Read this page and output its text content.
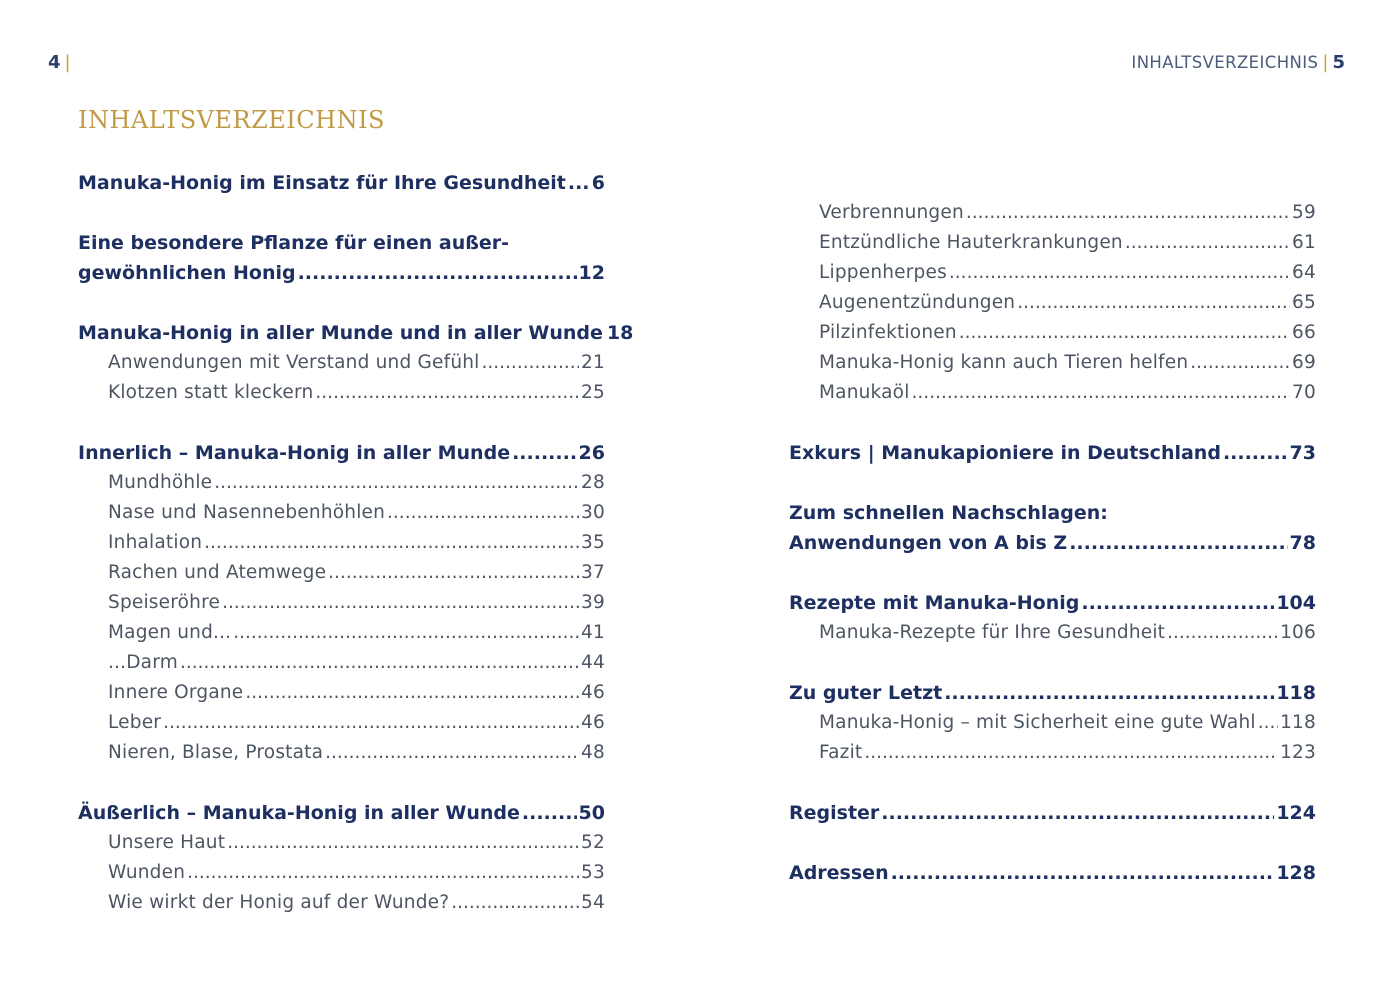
4 |	INHALTSVERZEICHNIS | 5
INHALTSVERZEICHNIS
Manuka-Honig im Einsatz für Ihre Gesundheit ..... 6
Eine besondere Pflanze für einen außer-
gewöhnlichen Honig .....	12
Manuka-Honig in aller Munde und in aller Wunde 18
Anwendungen mit Verstand und Gefühl .....	21
Klotzen statt kleckern .....	25
Innerlich – Manuka-Honig in aller Munde .....	26
Mundhöhle .....	28
Nase und Nasennebenhöhlen .....	30
Inhalation .....	35
Rachen und Atemwege .....	37
Speiseröhre .....	39
Magen und... .....	41
...Darm .....	44
Innere Organe .....	46
Leber .....	46
Nieren, Blase, Prostata .....	48
Äußerlich – Manuka-Honig in aller Wunde .....	50
Unsere Haut .....	52
Wunden .....	53
Wie wirkt der Honig auf der Wunde? .....	54
Verbrennungen .....	59
Entzündliche Hauterkrankungen .....	61
Lippenherpes .....	64
Augenentzündungen .....	65
Pilzinfektionen .....	66
Manuka-Honig kann auch Tieren helfen .....	69
Manukaöl .....	70
Exkurs | Manukapioniere in Deutschland .....	73
Zum schnellen Nachschlagen:
Anwendungen von A bis Z .....	78
Rezepte mit Manuka-Honig .....	104
Manuka-Rezepte für Ihre Gesundheit .....	106
Zu guter Letzt .....	118
Manuka-Honig – mit Sicherheit eine gute Wahl ..... 118
Fazit .....	123
Register .....	124
Adressen .....	128
